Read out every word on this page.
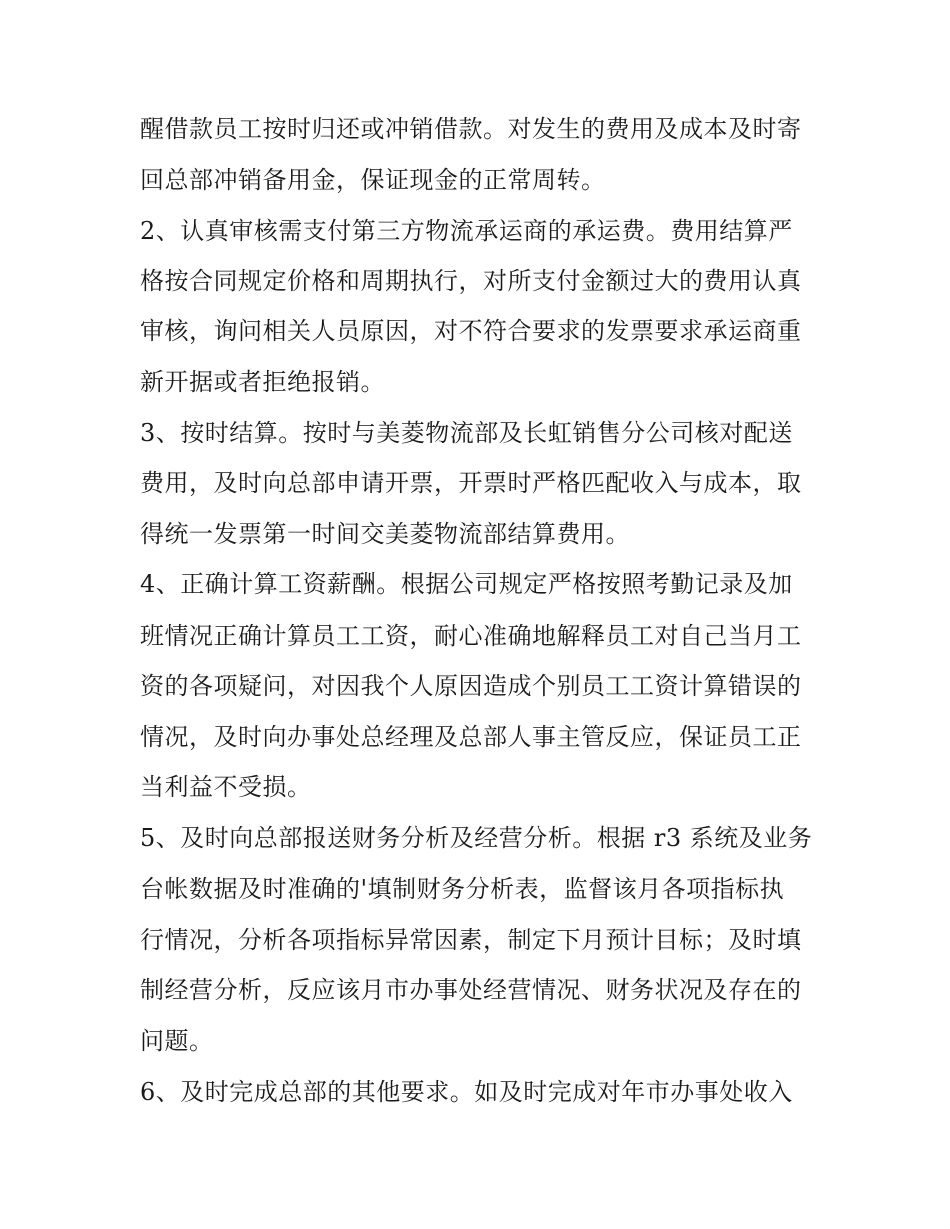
醒借款员工按时归还或冲销借款。对发生的费用及成本及时寄
回总部冲销备用金，保证现金的正常周转。
2、认真审核需支付第三方物流承运商的承运费。费用结算严
格按合同规定价格和周期执行，对所支付金额过大的费用认真
审核，询问相关人员原因，对不符合要求的发票要求承运商重
新开据或者拒绝报销。
3、按时结算。按时与美菱物流部及长虹销售分公司核对配送
费用，及时向总部申请开票，开票时严格匹配收入与成本，取
得统一发票第一时间交美菱物流部结算费用。
4、正确计算工资薪酬。根据公司规定严格按照考勤记录及加
班情况正确计算员工工资，耐心准确地解释员工对自己当月工
资的各项疑问，对因我个人原因造成个别员工工资计算错误的
情况，及时向办事处总经理及总部人事主管反应，保证员工正
当利益不受损。
5、及时向总部报送财务分析及经营分析。根据 r3 系统及业务
台帐数据及时准确的'填制财务分析表，监督该月各项指标执
行情况，分析各项指标异常因素，制定下月预计目标；及时填
制经营分析，反应该月市办事处经营情况、财务状况及存在的
问题。
6、及时完成总部的其他要求。如及时完成对年市办事处收入
